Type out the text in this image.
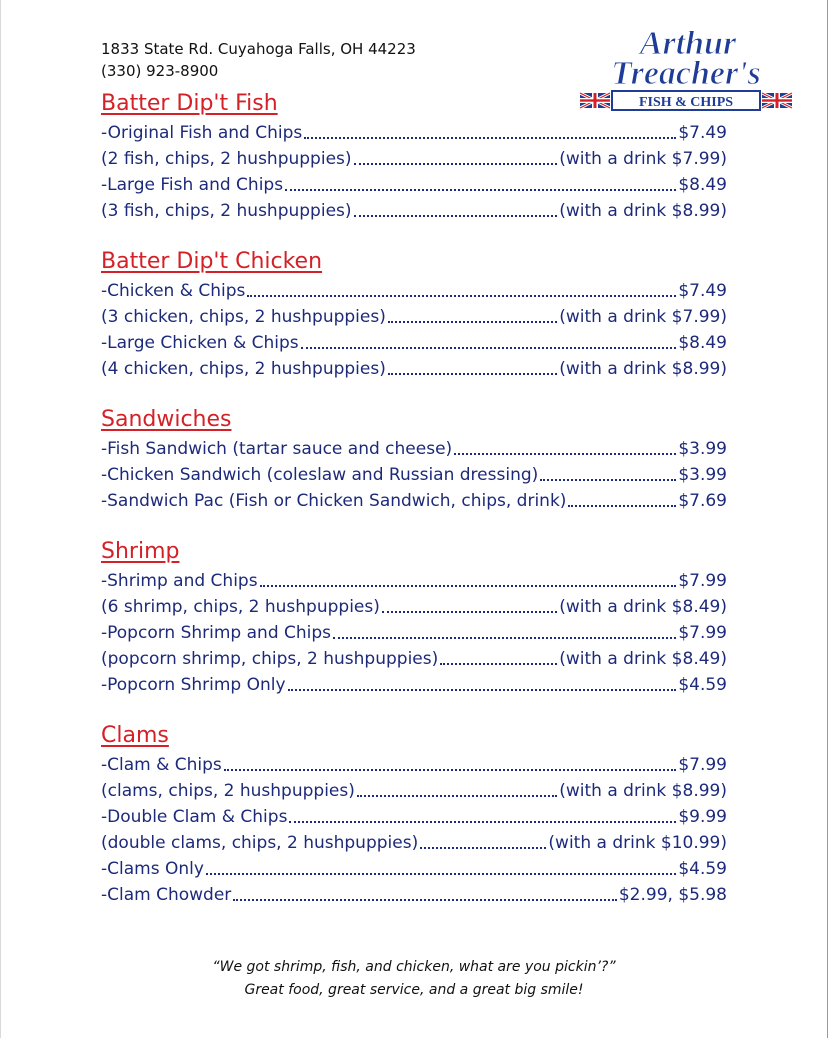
1833 State Rd. Cuyahoga Falls, OH 44223
(330) 923-8900
FISH & CHIPS
Arthur
Treacher's
Batter Dip't Fish
-Original Fish and Chips	$7.49
(2 fish, chips, 2 hushpuppies)	(with a drink $7.99)
-Large Fish and Chips	$8.49
(3 fish, chips, 2 hushpuppies)	(with a drink $8.99)
Batter Dip't Chicken
-Chicken & Chips	$7.49
(3 chicken, chips, 2 hushpuppies)	(with a drink $7.99)
-Large Chicken & Chips	$8.49
(4 chicken, chips, 2 hushpuppies)	(with a drink $8.99)
Sandwiches
-Fish Sandwich (tartar sauce and cheese)	$3.99
-Chicken Sandwich (coleslaw and Russian dressing)	$3.99
-Sandwich Pac (Fish or Chicken Sandwich, chips, drink)	$7.69
Shrimp
-Shrimp and Chips	$7.99
(6 shrimp, chips, 2 hushpuppies)	(with a drink $8.49)
-Popcorn Shrimp and Chips	$7.99
(popcorn shrimp, chips, 2 hushpuppies)	(with a drink $8.49)
-Popcorn Shrimp Only	$4.59
Clams
-Clam & Chips	$7.99
(clams, chips, 2 hushpuppies)	(with a drink $8.99)
-Double Clam & Chips	$9.99
(double clams, chips, 2 hushpuppies)	(with a drink $10.99)
-Clams Only	$4.59
-Clam Chowder	$2.99, $5.98
“We got shrimp, fish, and chicken, what are you pickin’?”
Great food, great service, and a great big smile!
